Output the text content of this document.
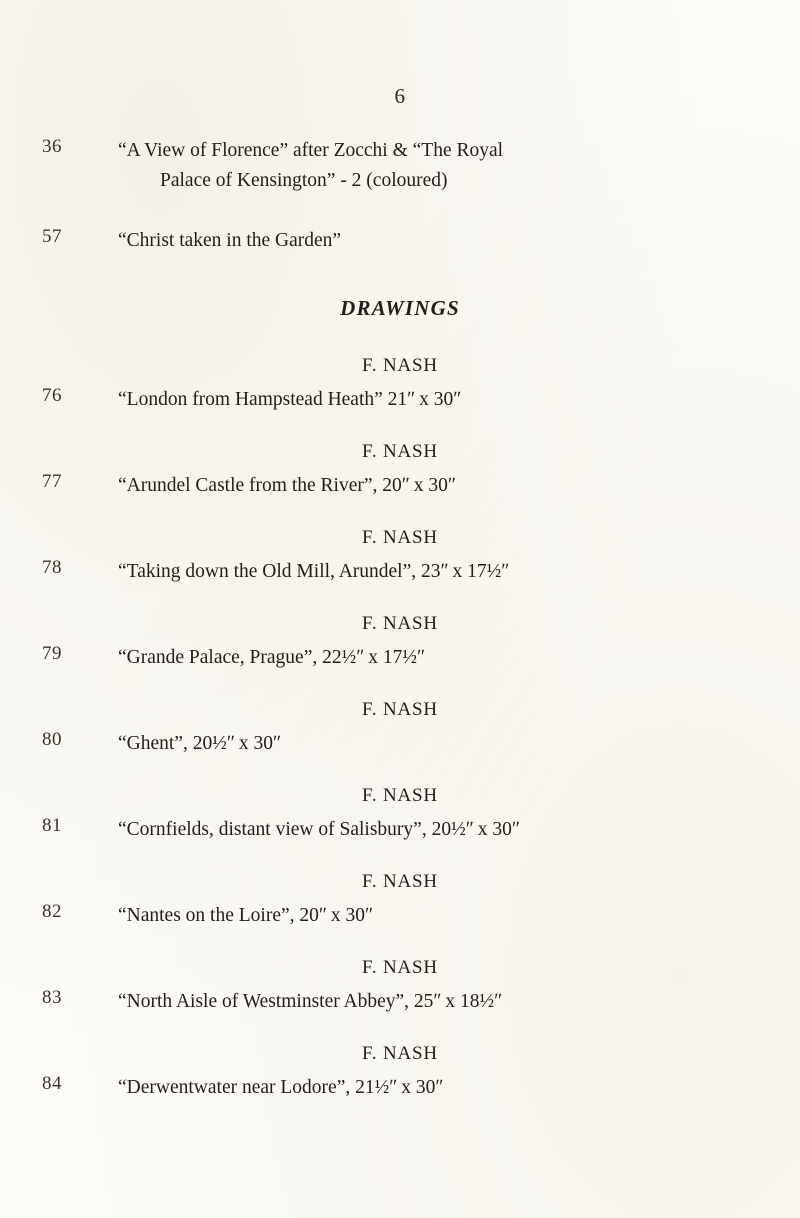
6
36	“A View of Florence” after Zocchi & “The Royal
Palace of Kensington” - 2 (coloured)
57	“Christ taken in the Garden”
DRAWINGS

F. NASH

76	“London from Hampstead Heath” 21ʺ x 30ʺ

F. NASH

77	“Arundel Castle from the River”, 20ʺ x 30ʺ

F. NASH

78	“Taking down the Old Mill, Arundel”, 23ʺ x 17½ʺ

F. NASH

79	“Grande Palace, Prague”, 22½ʺ x 17½ʺ

F. NASH

80	“Ghent”, 20½ʺ x 30ʺ

F. NASH

81	“Cornfields, distant view of Salisbury”, 20½ʺ x 30ʺ

F. NASH

82	“Nantes on the Loire”, 20ʺ x 30ʺ

F. NASH

83	“North Aisle of Westminster Abbey”, 25ʺ x 18½ʺ

F. NASH

84	“Derwentwater near Lodore”, 21½ʺ x 30ʺ
